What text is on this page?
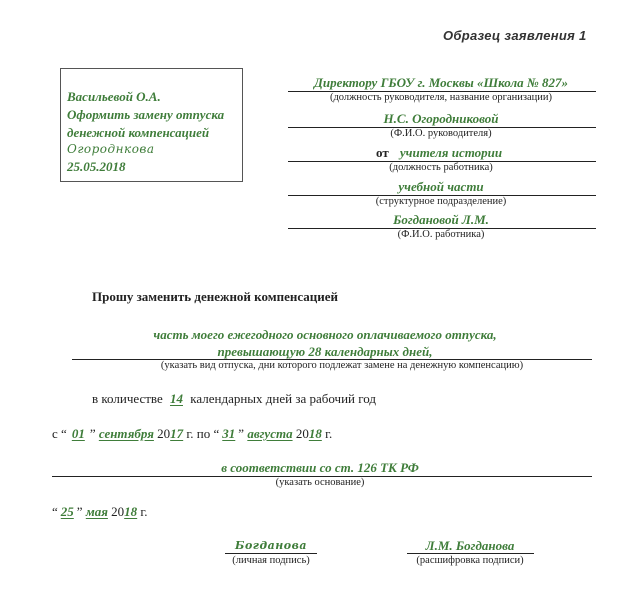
Образец заявления 1
Васильевой О.А.
Оформить замену отпуска
денежной компенсацией
Огороднкова
25.05.2018
Директору ГБОУ г. Москвы «Школа № 827»
(должность руководителя, название организации)
Н.С. Огородниковой
(Ф.И.О. руководителя)
от учителя истории
(должность работника)
учебной части
(структурное подразделение)
Богдановой Л.М.
(Ф.И.О. работника)
Прошу заменить денежной компенсацией
часть моего ежегодного основного оплачиваемого отпуска,
превышающую 28 календарных дней,
(указать вид отпуска, дни которого подлежат замене на денежную компенсацию)
в количестве 14 календарных дней за рабочий год
с “ 01 ” сентября 2017 г. по “ 31 ” августа 2018 г.
в соответствии со ст. 126 ТК РФ
(указать основание)
“ 25 ” мая 2018 г.
Богданова
(личная подпись)
Л.М. Богданова
(расшифровка подписи)
